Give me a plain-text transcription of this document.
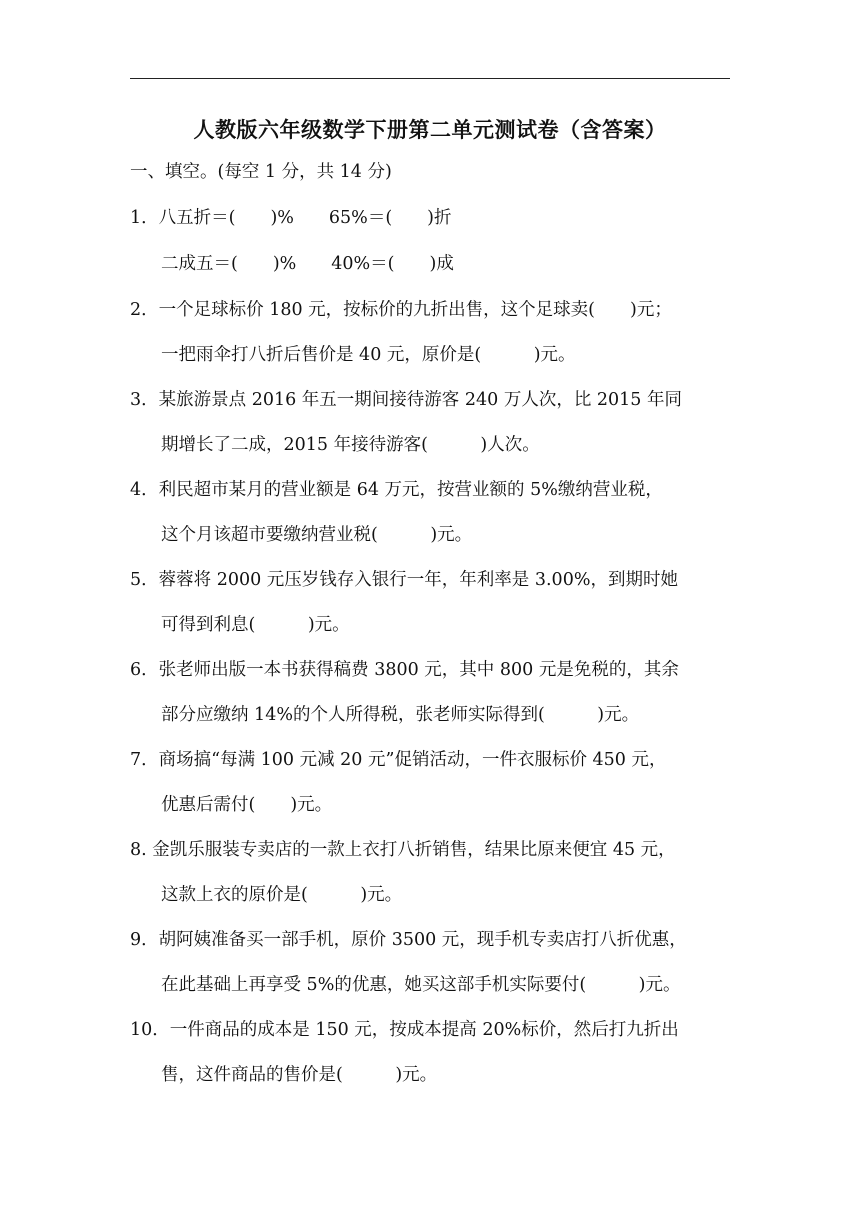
人教版六年级数学下册第二单元测试卷（含答案）
一、填空。(每空 1 分，共 14 分)
1．八五折＝(　　)%　　65%＝(　　)折
二成五＝(　　)%　　40%＝(　　)成
2．一个足球标价 180 元，按标价的九折出售，这个足球卖(　　)元；
一把雨伞打八折后售价是 40 元，原价是(　　　)元。
3．某旅游景点 2016 年五一期间接待游客 240 万人次，比 2015 年同
期增长了二成，2015 年接待游客(　　　)人次。
4．利民超市某月的营业额是 64 万元，按营业额的 5%缴纳营业税，
这个月该超市要缴纳营业税(　　　)元。
5．蓉蓉将 2000 元压岁钱存入银行一年，年利率是 3.00%，到期时她
可得到利息(　　　)元。
6．张老师出版一本书获得稿费 3800 元，其中 800 元是免税的，其余
部分应缴纳 14%的个人所得税，张老师实际得到(　　　)元。
7．商场搞“每满 100 元减 20 元”促销活动，一件衣服标价 450 元，
优惠后需付(　　)元。
8. 金凯乐服装专卖店的一款上衣打八折销售，结果比原来便宜 45 元，
这款上衣的原价是(　　　)元。
9．胡阿姨准备买一部手机，原价 3500 元，现手机专卖店打八折优惠，
在此基础上再享受 5%的优惠，她买这部手机实际要付(　　　)元。
10．一件商品的成本是 150 元，按成本提高 20%标价，然后打九折出
售，这件商品的售价是(　　　)元。
